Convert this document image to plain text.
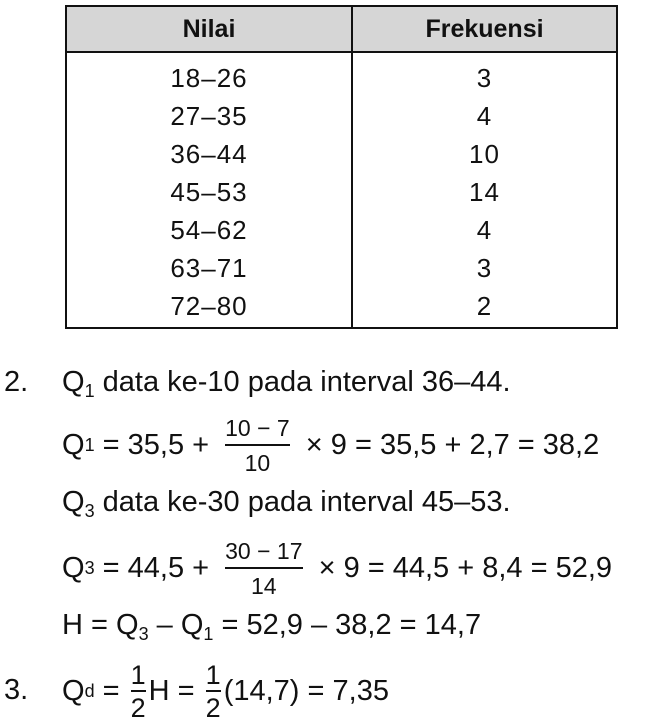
Nilai	Frekuensi
18–26	3
27–35	4
36–44	10
45–53	14
54–62	4
63–71	3
72–80	2
2. $Q_1$ data ke-10 pada interval 36–44.
Q $1 = 35,5 + \frac{10 - 7}{10} \times 9 = 35,5 + 2,7 = 38,2$
$Q_3$ data ke-30 pada interval 45–53.
Q $3 = 44,5 + \frac{30 - 17}{14} \times 9 = 44,5 + 8,4 = 52,9$
$H = Q_3 - Q_1 = 52,9 - 38,2 = 14,7$
3. Q $d = \frac{1}{2}$ $H = \frac{1}{2} (14,7) = 7,35$
